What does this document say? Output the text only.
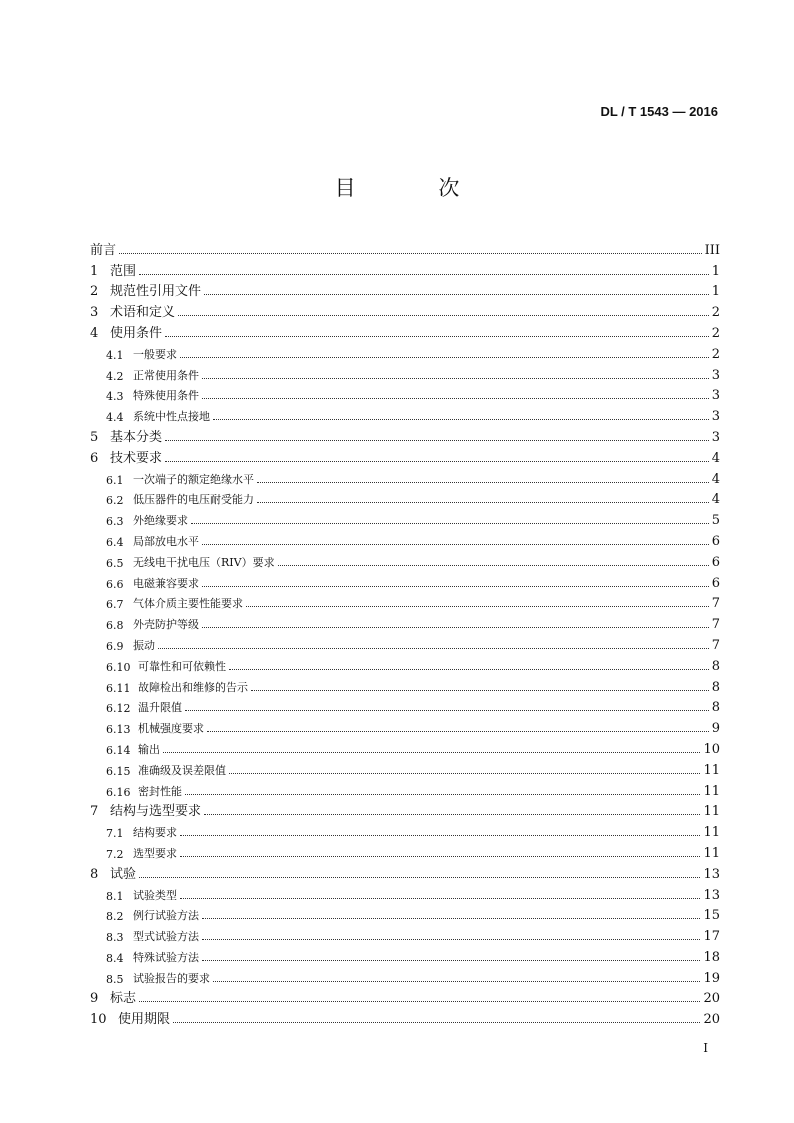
DL / T 1543 — 2016
目 次
前言	III
1 范围	1
2 规范性引用文件	1
3 术语和定义	2
4 使用条件	2
4.1 一般要求	2
4.2 正常使用条件	3
4.3 特殊使用条件	3
4.4 系统中性点接地	3
5 基本分类	3
6 技术要求	4
6.1 一次端子的额定绝缘水平	4
6.2 低压器件的电压耐受能力	4
6.3 外绝缘要求	5
6.4 局部放电水平	6
6.5 无线电干扰电压（RIV）要求	6
6.6 电磁兼容要求	6
6.7 气体介质主要性能要求	7
6.8 外壳防护等级	7
6.9 振动	7
6.10 可靠性和可依赖性	8
6.11 故障检出和维修的告示	8
6.12 温升限值	8
6.13 机械强度要求	9
6.14 输出	10
6.15 准确级及误差限值	11
6.16 密封性能	11
7 结构与选型要求	11
7.1 结构要求	11
7.2 选型要求	11
8 试验	13
8.1 试验类型	13
8.2 例行试验方法	15
8.3 型式试验方法	17
8.4 特殊试验方法	18
8.5 试验报告的要求	19
9 标志	20
10 使用期限	20
I
